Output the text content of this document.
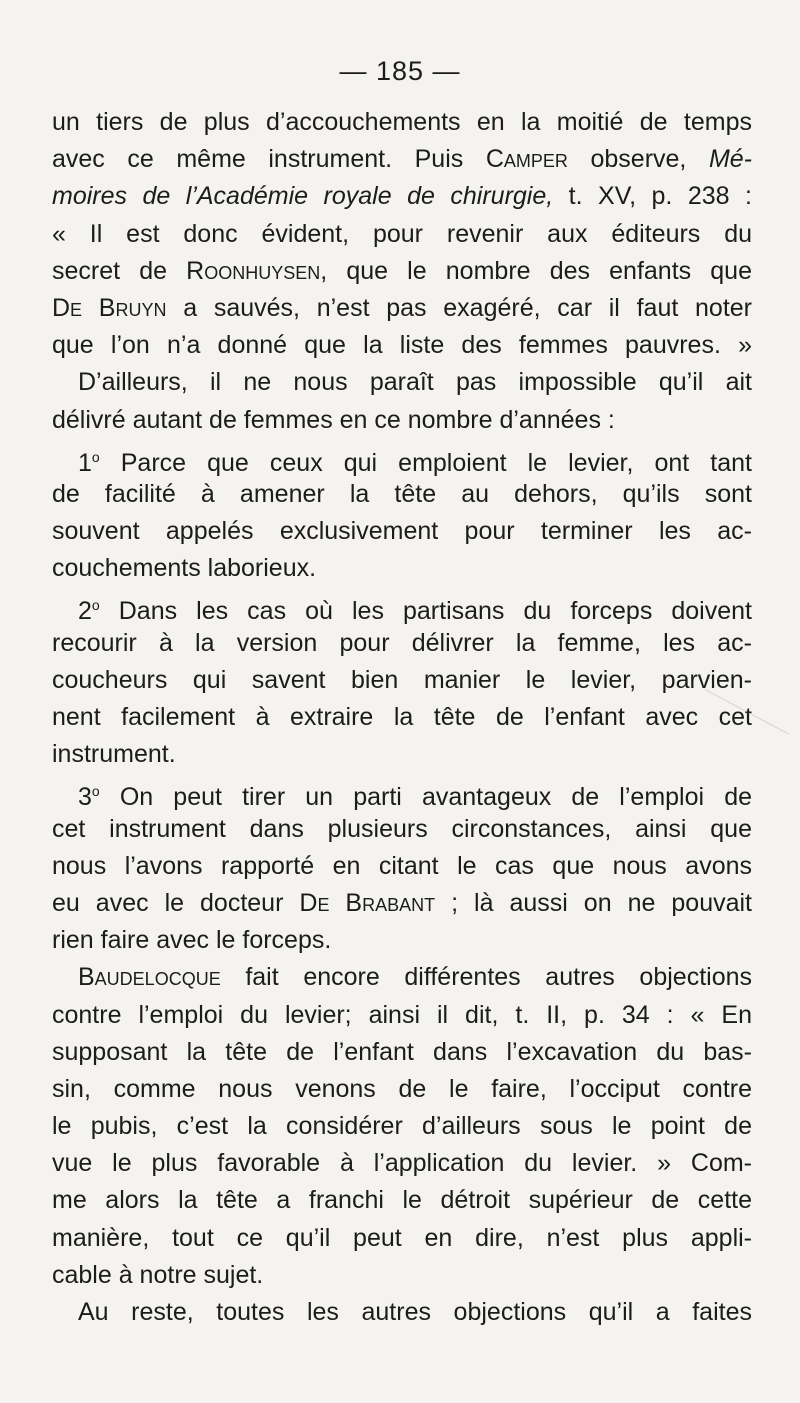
— 185 —
un tiers de plus d’accouchements en la moitié de temps
avec ce même instrument. Puis Camper observe, Mé-
moires de l’Académie royale de chirurgie, t. XV, p. 238 :
« Il est donc évident, pour revenir aux éditeurs du
secret de Roonhuysen, que le nombre des enfants que
De Bruyn a sauvés, n’est pas exagéré, car il faut noter
que l’on n’a donné que la liste des femmes pauvres. »
D’ailleurs, il ne nous paraît pas impossible qu’il ait
délivré autant de femmes en ce nombre d’années :
1$^o$ Parce que ceux qui emploient le levier, ont tant
de facilité à amener la tête au dehors, qu’ils sont
souvent appelés exclusivement pour terminer les ac-
couchements laborieux.
2$^o$ Dans les cas où les partisans du forceps doivent
recourir à la version pour délivrer la femme, les ac-
coucheurs qui savent bien manier le levier, parvien-
nent facilement à extraire la tête de l’enfant avec cet
instrument.
3$^o$ On peut tirer un parti avantageux de l’emploi de
cet instrument dans plusieurs circonstances, ainsi que
nous l’avons rapporté en citant le cas que nous avons
eu avec le docteur De Brabant ; là aussi on ne pouvait
rien faire avec le forceps.
Baudelocque fait encore différentes autres objections
contre l’emploi du levier; ainsi il dit, t. II, p. 34 : « En
supposant la tête de l’enfant dans l’excavation du bas-
sin, comme nous venons de le faire, l’occiput contre
le pubis, c’est la considérer d’ailleurs sous le point de
vue le plus favorable à l’application du levier. » Com-
me alors la tête a franchi le détroit supérieur de cette
manière, tout ce qu’il peut en dire, n’est plus appli-
cable à notre sujet.
Au reste, toutes les autres objections qu’il a faites
